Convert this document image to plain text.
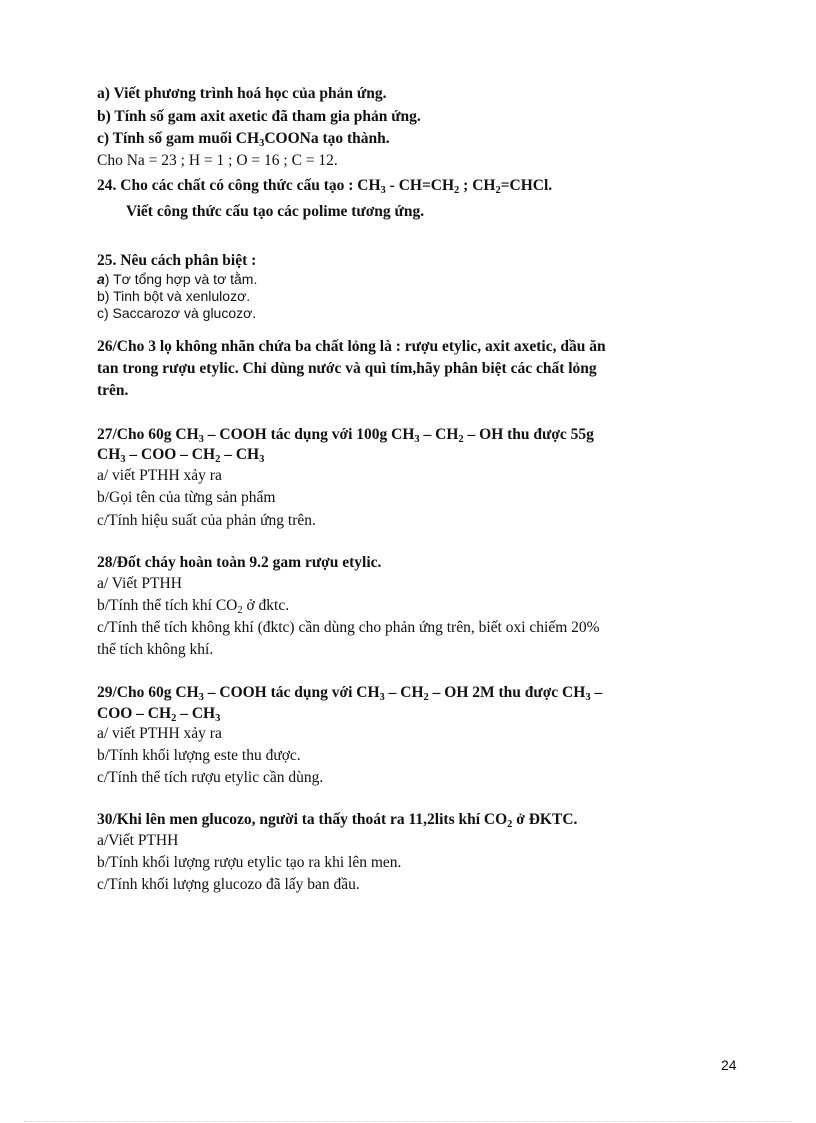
a) Viết phương trình hoá học của phản ứng.
b) Tính số gam axit axetic đã tham gia phản ứng.
c) Tính số gam muối $CH_3COONa$ tạo thành.
Cho Na = 23 ; H = 1 ; O = 16 ; C = 12.
24. Cho các chất có công thức cấu tạo : $CH_3 - CH=CH_2$ ; $CH_2=CHCl$.
Viết công thức cấu tạo các polime tương ứng.
25. Nêu cách phân biệt :
a) Tơ tổng hợp và tơ tằm.
b) Tinh bột và xenlulozơ.
c) Saccarozơ và glucozơ.
26/Cho 3 lọ không nhãn chứa ba chất lỏng là : rượu etylic, axit axetic, dầu ăn
tan trong rượu etylic. Chỉ dùng nước và quì tím,hãy phân biệt các chất lỏng
trên.
27/Cho 60g $CH_3$ – COOH tác dụng với 100g $CH_3 - CH_2$ – OH thu được 55g
$CH_3$ – COO – $CH_2 - CH_3$
a/ viết PTHH xảy ra
b/Gọi tên của từng sản phẩm
c/Tính hiệu suất của phản ứng trên.
28/Đốt cháy hoàn toàn 9.2 gam rượu etylic.
a/ Viết PTHH
b/Tính thể tích khí $CO_2$ ở đktc.
c/Tính thể tích không khí (đktc) cần dùng cho phản ứng trên, biết oxi chiếm 20%
thể tích không khí.
29/Cho 60g $CH_3$ – COOH tác dụng với $CH_3 - CH_2$ – OH 2M thu được $CH_3$ –
COO – $CH_2 - CH_3$
a/ viết PTHH xảy ra
b/Tính khối lượng este thu được.
c/Tính thể tích rượu etylic cần dùng.
30/Khi lên men glucozo, người ta thấy thoát ra 11,2lits khí $CO_2$ ở ĐKTC.
a/Viết PTHH
b/Tính khối lượng rượu etylic tạo ra khi lên men.
c/Tính khối lượng glucozo đã lấy ban đầu.
24
